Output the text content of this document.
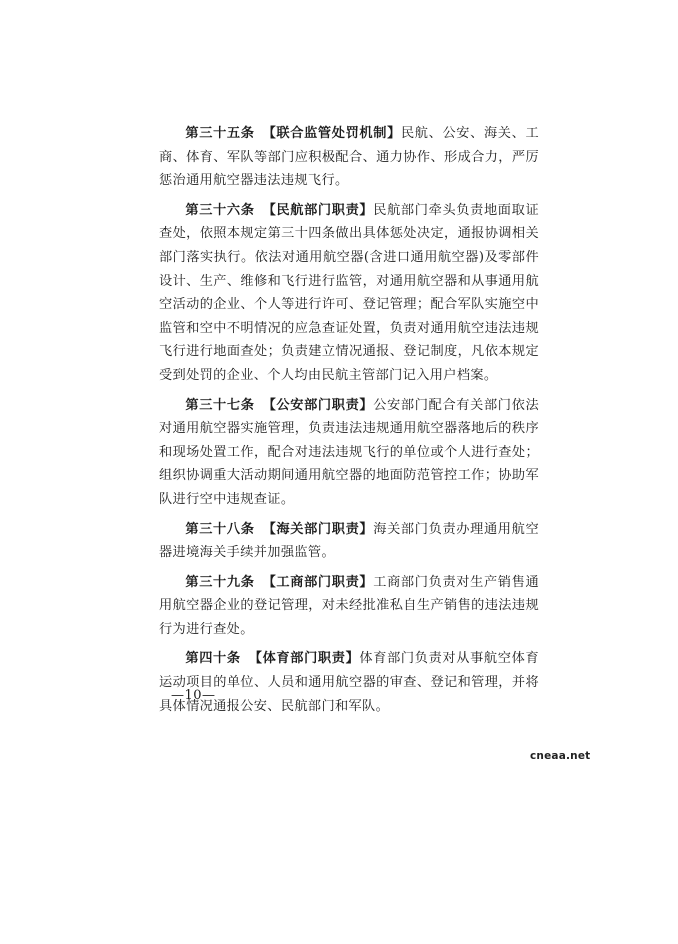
第三十五条 【联合监管处罚机制】民航、公安、海关、工商、体育、军队等部门应积极配合、通力协作、形成合力，严厉惩治通用航空器违法违规飞行。

第三十六条 【民航部门职责】民航部门牵头负责地面取证查处，依照本规定第三十四条做出具体惩处决定，通报协调相关部门落实执行。依法对通用航空器(含进口通用航空器)及零部件设计、生产、维修和飞行进行监管，对通用航空器和从事通用航空活动的企业、个人等进行许可、登记管理；配合军队实施空中监管和空中不明情况的应急查证处置，负责对通用航空违法违规飞行进行地面查处；负责建立情况通报、登记制度，凡依本规定受到处罚的企业、个人均由民航主管部门记入用户档案。

第三十七条 【公安部门职责】公安部门配合有关部门依法对通用航空器实施管理，负责违法违规通用航空器落地后的秩序和现场处置工作，配合对违法违规飞行的单位或个人进行查处；组织协调重大活动期间通用航空器的地面防范管控工作；协助军队进行空中违规查证。

第三十八条 【海关部门职责】海关部门负责办理通用航空器进境海关手续并加强监管。

第三十九条 【工商部门职责】工商部门负责对生产销售通用航空器企业的登记管理，对未经批准私自生产销售的违法违规行为进行查处。

第四十条 【体育部门职责】体育部门负责对从事航空体育运动项目的单位、人员和通用航空器的审查、登记和管理，并将具体情况通报公安、民航部门和军队。

—10—
cneaa.net
